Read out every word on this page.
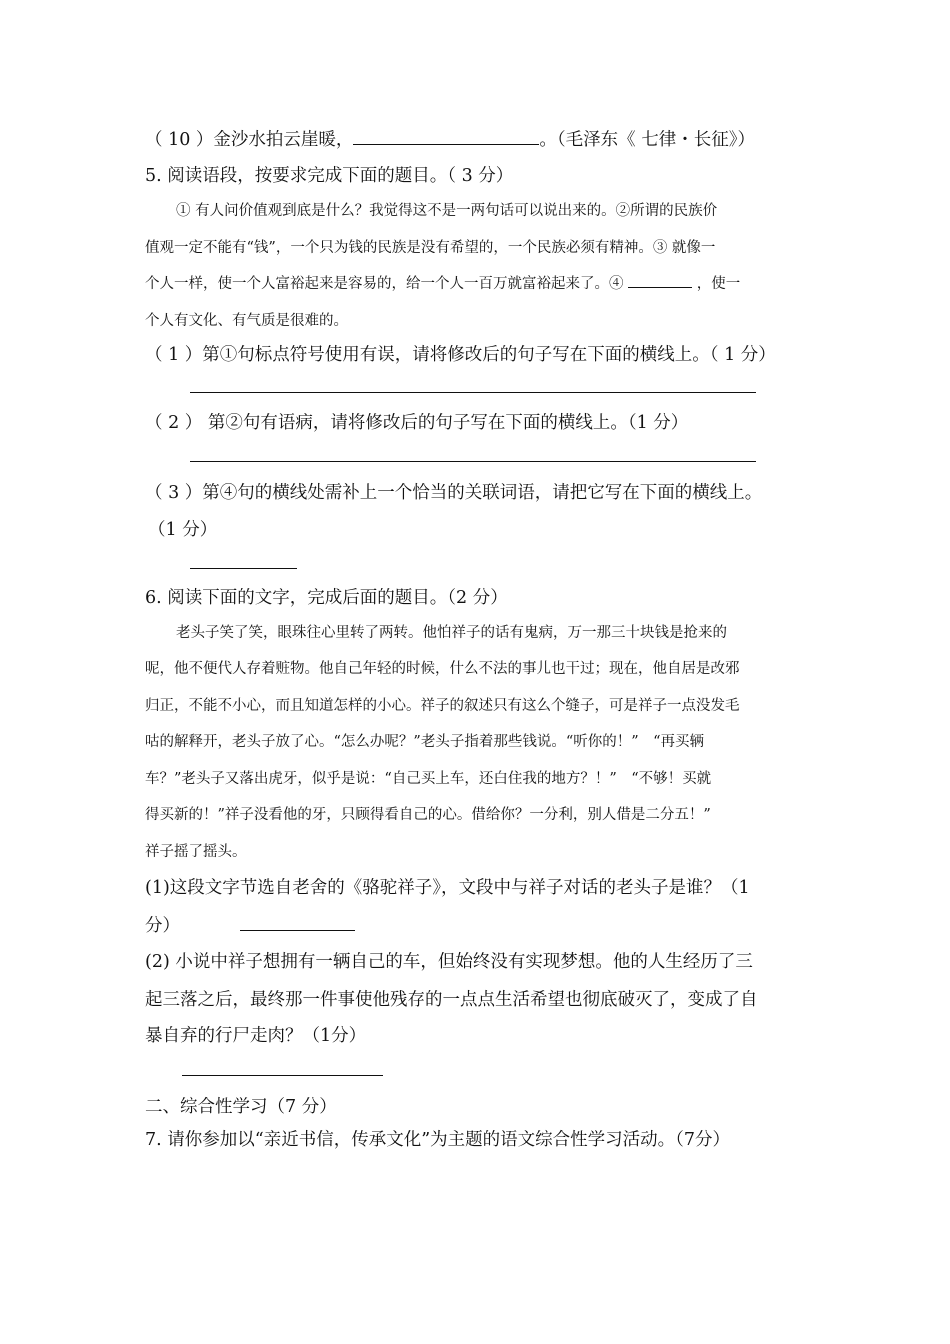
（ 10 ）金沙水拍云崖暖，	。（毛泽东《 七律・长征》）
5. 阅读语段，按要求完成下面的题目。（ 3 分）
① 有人问价值观到底是什么？我觉得这不是一两句话可以说出来的。②所谓的民族价
值观一定不能有“钱”，一个只为钱的民族是没有希望的，一个民族必须有精神。③ 就像一
个人一样，使一个人富裕起来是容易的，给一个人一百万就富裕起来了。④	，使一
个人有文化、有气质是很难的。
（ 1 ）第①句标点符号使用有误，请将修改后的句子写在下面的横线上。（ 1 分）
（ 2 ） 第②句有语病，请将修改后的句子写在下面的横线上。（1 分）
（ 3 ）第④句的横线处需补上一个恰当的关联词语，请把它写在下面的横线上。
（1 分）
6. 阅读下面的文字，完成后面的题目。（2 分）
老头子笑了笑，眼珠往心里转了两转。他怕祥子的话有鬼病，万一那三十块钱是抢来的
呢，他不便代人存着赃物。他自己年轻的时候，什么不法的事儿也干过；现在，他自居是改邪
归正，不能不小心，而且知道怎样的小心。祥子的叙述只有这么个缝子，可是祥子一点没发毛
咕的解释开，老头子放了心。“怎么办呢？”老头子指着那些钱说。“听你的！”　“再买辆
车？”老头子又落出虎牙，似乎是说：“自己买上车，还白住我的地方？！”　“不够！买就
得买新的！”祥子没看他的牙，只顾得看自己的心。借给你？一分利，别人借是二分五！”
祥子摇了摇头。
(1)这段文字节选自老舍的《骆驼祥子》，文段中与祥子对话的老头子是谁？（1
分）
(2) 小说中祥子想拥有一辆自己的车，但始终没有实现梦想。他的人生经历了三
起三落之后，最终那一件事使他残存的一点点生活希望也彻底破灭了，变成了自
暴自弃的行尸走肉？（1分）
二、综合性学习（7 分）
7. 请你参加以“亲近书信，传承文化”为主题的语文综合性学习活动。（7分）
